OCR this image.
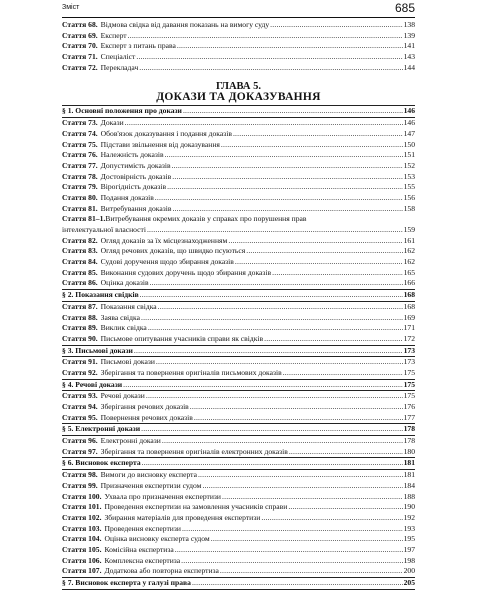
Зміст	685
Стаття 68. Відмова свідка від давання показань на вимогу суду .....	138
Стаття 69. Експерт .....	139
Стаття 70. Експерт з питань права .....	141
Стаття 71. Спеціаліст .....	143
Стаття 72. Перекладач .....	144
ГЛАВА 5.
ДОКАЗИ ТА ДОКАЗУВАННЯ
§ 1. Основні положення про докази .....	146
Стаття 73. Докази .....	146
Стаття 74. Обов'язок доказування і подання доказів .....	147
Стаття 75. Підстави звільнення від доказування .....	150
Стаття 76. Належність доказів .....	151
Стаття 77. Допустимість доказів .....	152
Стаття 78. Достовірність доказів .....	153
Стаття 79. Вірогідність доказів .....	155
Стаття 80. Подання доказів .....	156
Стаття 81. Витребування доказів .....	158
Стаття 81–1. Витребування окремих доказів у справах про порушення прав
інтелектуальної власності .....	159
Стаття 82. Огляд доказів за їх місцезнаходженням .....	161
Стаття 83. Огляд речових доказів, що швидко псуються .....	162
Стаття 84. Судові доручення щодо збирання доказів .....	162
Стаття 85. Виконання судових доручень щодо збирання доказів .....	165
Стаття 86. Оцінка доказів .....	166
§ 2. Показання свідків .....	168
Стаття 87. Показання свідка .....	168
Стаття 88. Заява свідка .....	169
Стаття 89. Виклик свідка .....	171
Стаття 90. Письмове опитування учасників справи як свідків .....	172
§ 3. Письмові докази .....	173
Стаття 91. Письмові докази .....	173
Стаття 92. Зберігання та повернення оригіналів письмових доказів .....	175
§ 4. Речові докази .....	175
Стаття 93. Речові докази .....	175
Стаття 94. Зберігання речових доказів .....	176
Стаття 95. Повернення речових доказів .....	177
§ 5. Електронні докази .....	178
Стаття 96. Електронні докази .....	178
Стаття 97. Зберігання та повернення оригіналів електронних доказів .....	180
§ 6. Висновок експерта .....	181
Стаття 98. Вимоги до висновку експерта .....	181
Стаття 99. Призначення експертизи судом .....	184
Стаття 100. Ухвала про призначення експертизи .....	188
Стаття 101. Проведення експертизи на замовлення учасників справи .....	190
Стаття 102. Збирання матеріалів для проведення експертизи .....	192
Стаття 103. Проведення експертизи .....	193
Стаття 104. Оцінка висновку експерта судом .....	195
Стаття 105. Комісійна експертиза .....	197
Стаття 106. Комплексна експертиза .....	198
Стаття 107. Додаткова або повторна експертиза .....	200
§ 7. Висновок експерта у галузі права .....	205
